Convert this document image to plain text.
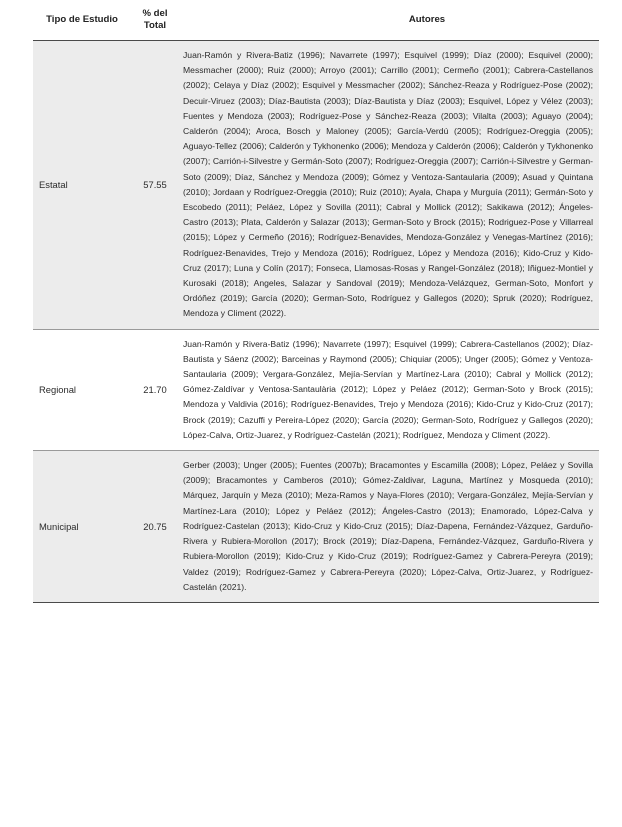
Tipo de Estudio	% del Total	Autores
Estatal	57.55	Juan-Ramón y Rivera-Batiz (1996); Navarrete (1997); Esquivel (1999); Díaz (2000); Esquivel (2000); Messmacher (2000); Ruiz (2000); Arroyo (2001); Carrillo (2001); Cermeño (2001); Cabrera-Castellanos (2002); Celaya y Díaz (2002); Esquivel y Messmacher (2002); Sánchez-Reaza y Rodríguez-Pose (2002); Decuir-Viruez (2003); Díaz-Bautista (2003); Díaz-Bautista y Díaz (2003); Esquivel, López y Vélez (2003); Fuentes y Mendoza (2003); Rodríguez-Pose y Sánchez-Reaza (2003); Vilalta (2003); Aguayo (2004); Calderón (2004); Aroca, Bosch y Maloney (2005); García-Verdú (2005); Rodríguez-Oreggia (2005); Aguayo-Tellez (2006); Calderón y Tykhonenko (2006); Mendoza y Calderón (2006); Calderón y Tykhonenko (2007); Carrión-i-Silvestre y Germán-Soto (2007); Rodríguez-Oreggia (2007); Carrión-i-Silvestre y German-Soto (2009); Díaz, Sánchez y Mendoza (2009); Gómez y Ventoza-Santaularia (2009); Asuad y Quintana (2010); Jordaan y Rodríguez-Oreggia (2010); Ruiz (2010); Ayala, Chapa y Murguía (2011); Germán-Soto y Escobedo (2011); Peláez, López y Sovilla (2011); Cabral y Mollick (2012); Sakikawa (2012); Ángeles-Castro (2013); Plata, Calderón y Salazar (2013); German-Soto y Brock (2015); Rodriguez-Pose y Villarreal (2015); López y Cermeño (2016); Rodríguez-Benavides, Mendoza-González y Venegas-Martínez (2016); Rodríguez-Benavides, Trejo y Mendoza (2016); Rodríguez, López y Mendoza (2016); Kido-Cruz y Kido-Cruz (2017); Luna y Colín (2017); Fonseca, Llamosas-Rosas y Rangel-González (2018); Iñiguez-Montiel y Kurosaki (2018); Angeles, Salazar y Sandoval (2019); Mendoza-Velázquez, German-Soto, Monfort y Ordóñez (2019); García (2020); German-Soto, Rodríguez y Gallegos (2020); Spruk (2020); Rodríguez, Mendoza y Climent (2022).
Regional	21.70	Juan-Ramón y Rivera-Batiz (1996); Navarrete (1997); Esquivel (1999); Cabrera-Castellanos (2002); Díaz-Bautista y Sáenz (2002); Barceinas y Raymond (2005); Chiquiar (2005); Unger (2005); Gómez y Ventoza-Santaularia (2009); Vergara-González, Mejía-Servían y Martínez-Lara (2010); Cabral y Mollick (2012); Gómez-Zaldívar y Ventosa-Santaulària (2012); López y Peláez (2012); German-Soto y Brock (2015); Mendoza y Valdivia (2016); Rodríguez-Benavides, Trejo y Mendoza (2016); Kido-Cruz y Kido-Cruz (2017); Brock (2019); Cazuffi y Pereira-López (2020); García (2020); German-Soto, Rodríguez y Gallegos (2020); López-Calva, Ortiz-Juarez, y Rodríguez-Castelán (2021); Rodríguez, Mendoza y Climent (2022).
Municipal	20.75	Gerber (2003); Unger (2005); Fuentes (2007b); Bracamontes y Escamilla (2008); López, Peláez y Sovilla (2009); Bracamontes y Camberos (2010); Gómez-Zaldivar, Laguna, Martínez y Mosqueda (2010); Márquez, Jarquín y Meza (2010); Meza-Ramos y Naya-Flores (2010); Vergara-González, Mejía-Servían y Martínez-Lara (2010); López y Peláez (2012); Ángeles-Castro (2013); Enamorado, López-Calva y Rodríguez-Castelan (2013); Kido-Cruz y Kido-Cruz (2015); Díaz-Dapena, Fernández-Vázquez, Garduño-Rivera y Rubiera-Morollon (2017); Brock (2019); Díaz-Dapena, Fernández-Vázquez, Garduño-Rivera y Rubiera-Morollon (2019); Kido-Cruz y Kido-Cruz (2019); Rodríguez-Gamez y Cabrera-Pereyra (2019); Valdez (2019); Rodríguez-Gamez y Cabrera-Pereyra (2020); López-Calva, Ortiz-Juarez, y Rodríguez-Castelán (2021).
